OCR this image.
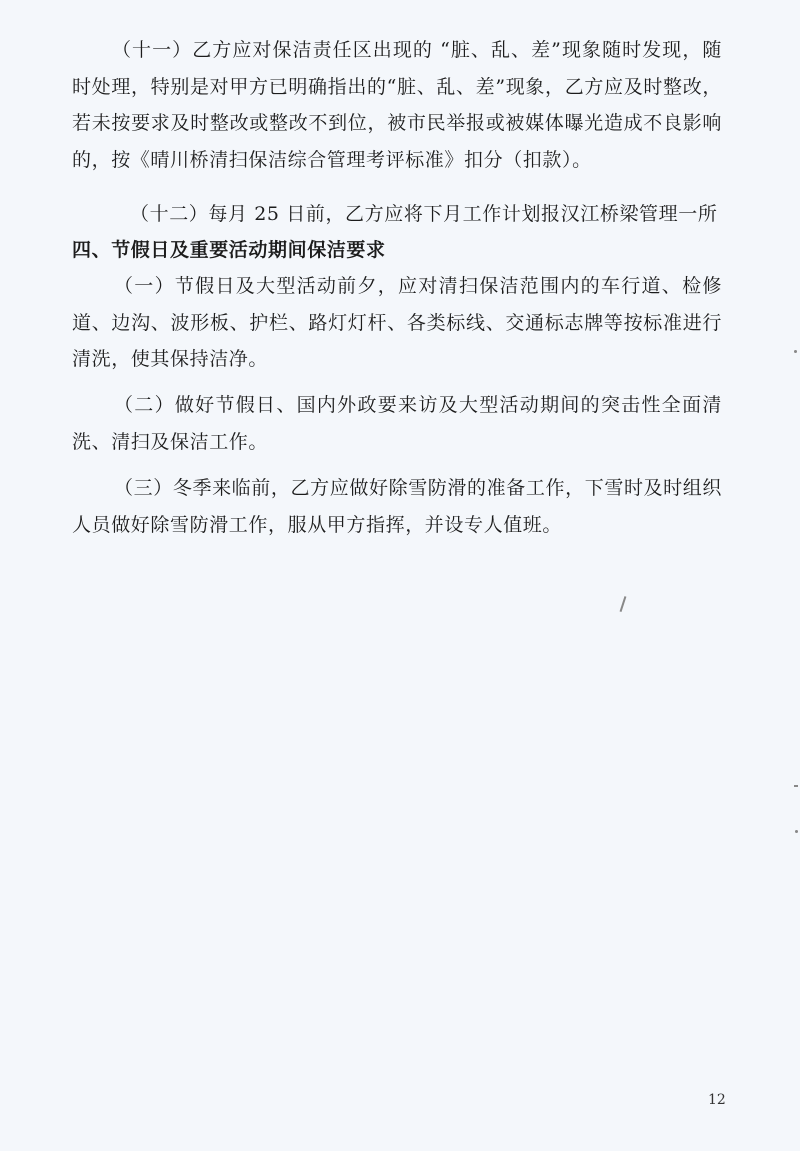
（十一）乙方应对保洁责任区出现的 “脏、乱、差”现象随时发现，随时处理，特别是对甲方已明确指出的“脏、乱、差”现象，乙方应及时整改，若未按要求及时整改或整改不到位，被市民举报或被媒体曝光造成不良影响的，按《晴川桥清扫保洁综合管理考评标准》扣分（扣款）。

（十二）每月 25 日前，乙方应将下月工作计划报汉江桥梁管理一所

四、节假日及重要活动期间保洁要求

（一）节假日及大型活动前夕，应对清扫保洁范围内的车行道、检修道、边沟、波形板、护栏、路灯灯杆、各类标线、交通标志牌等按标准进行清洗，使其保持洁净。

（二）做好节假日、国内外政要来访及大型活动期间的突击性全面清洗、清扫及保洁工作。

（三）冬季来临前，乙方应做好除雪防滑的准备工作，下雪时及时组织人员做好除雪防滑工作，服从甲方指挥，并设专人值班。

12
